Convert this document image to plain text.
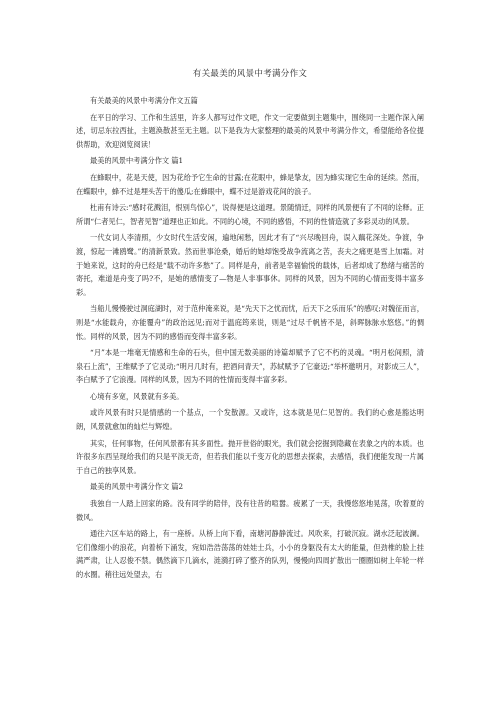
有关最美的风景中考满分作文

有关最美的风景中考满分作文五篇

在平日的学习、工作和生活里，许多人都写过作文吧，作文一定要做到主题集中，围绕同一主题作深入阐述，切忌东拉西扯，主题涣散甚至无主题。以下是我为大家整理的最美的风景中考满分作文，希望能给各位提供帮助，欢迎浏览阅读！

最美的风景中考满分作文 篇1

在蜂眼中，花是天使，因为花给予它生命的甘露;在花眼中，蜂是挚友，因为蜂实现它生命的延续。然而，在蝶眼中，蜂不过是埋头苦干的傻瓜;在蜂眼中，蝶不过是游戏花间的浪子。

杜甫有诗云:“感时花溅泪，恨别鸟惊心”，说得便是这道理。景随情迁，同样的风景便有了不同的诠释。正所谓“仁者见仁，智者见智”道理也正如此。不同的心境，不同的感悟，不同的性情造就了多彩灵动的风景。

一代女词人李清照，少女时代生活安闲，遍地闲愁，因此才有了“兴尽晚回舟，误入藕花深处。争渡，争渡，惊起一滩鸥鹭。”的清新景致。然而世事沧桑，婚后的她却饱受战争流离之苦，丧夫之痛更是雪上加霜。对于她来说，这时的舟已经是“载不动许多愁”了。同样是舟，前者是幸福愉悦的载体，后者却成了愁绪与痛苦的寄托，难道是舟变了吗?不，是她的感情变了—物是人非事事休。同样的风景，因为不同的心情而变得丰富多彩。

当船儿慢慢驶过洞庭湖时，对于范仲淹来说，是“先天下之忧而忧，后天下之乐而乐”的感叹;对魏征而言，则是“水能载舟，亦能覆舟”的政治远见;而对于温庭筠来说，则是“过尽千帆皆不是，斜晖脉脉水悠悠。”的惆怅。同样的风景，因为不同的感悟而变得丰富多彩。

“月”本是一堆毫无情感和生命的石头，但中国无数美丽的诗篇却赋予了它不朽的灵魂。“明月松间照，清泉石上流”，王维赋予了它灵动;“明月几时有，把酒问青天”，苏轼赋予了它豪迈;“举杯邀明月，对影成三人”，李白赋予了它浪漫。同样的风景，因为不同的性情而变得丰富多彩。

心境有多宽，风景就有多美。

或许风景有时只是情感的一个基点，一个发散源。又或许，这本就是见仁见智的。我们的心愈是豁达明朗，风景就愈加的灿烂与辉煌。

其实，任何事物，任何风景都有其多面性。抛开世俗的眼光，我们就会挖掘到隐藏在表象之内的本质。也许很多东西呈现给我们的只是平淡无奇，但若我们能以千变万化的思想去探索，去感悟，我们便能发现一片属于自己的独享风景。

最美的风景中考满分作文 篇2

我独自一人踏上回家的路。没有同学的陪伴，没有往昔的喧嚣。疲累了一天，我慢悠悠地晃荡，吹着夏的微风。

通往六区车站的路上，有一座桥。从桥上向下看，南塘河静静流过。风吹来，打破沉寂。湖水泛起波澜。它们像细小的浪花，向着桥下涌发，宛如浩浩荡荡的娃娃士兵，小小的身躯没有太大的能量，但劲椎的脸上挂满严肃，让人忍俊不禁。偶然滴下几滴水，涟漪打碎了整齐的队列，慢慢向四周扩散出一圈圈如树上年轮一样的水圈。稍往远处望去，右
